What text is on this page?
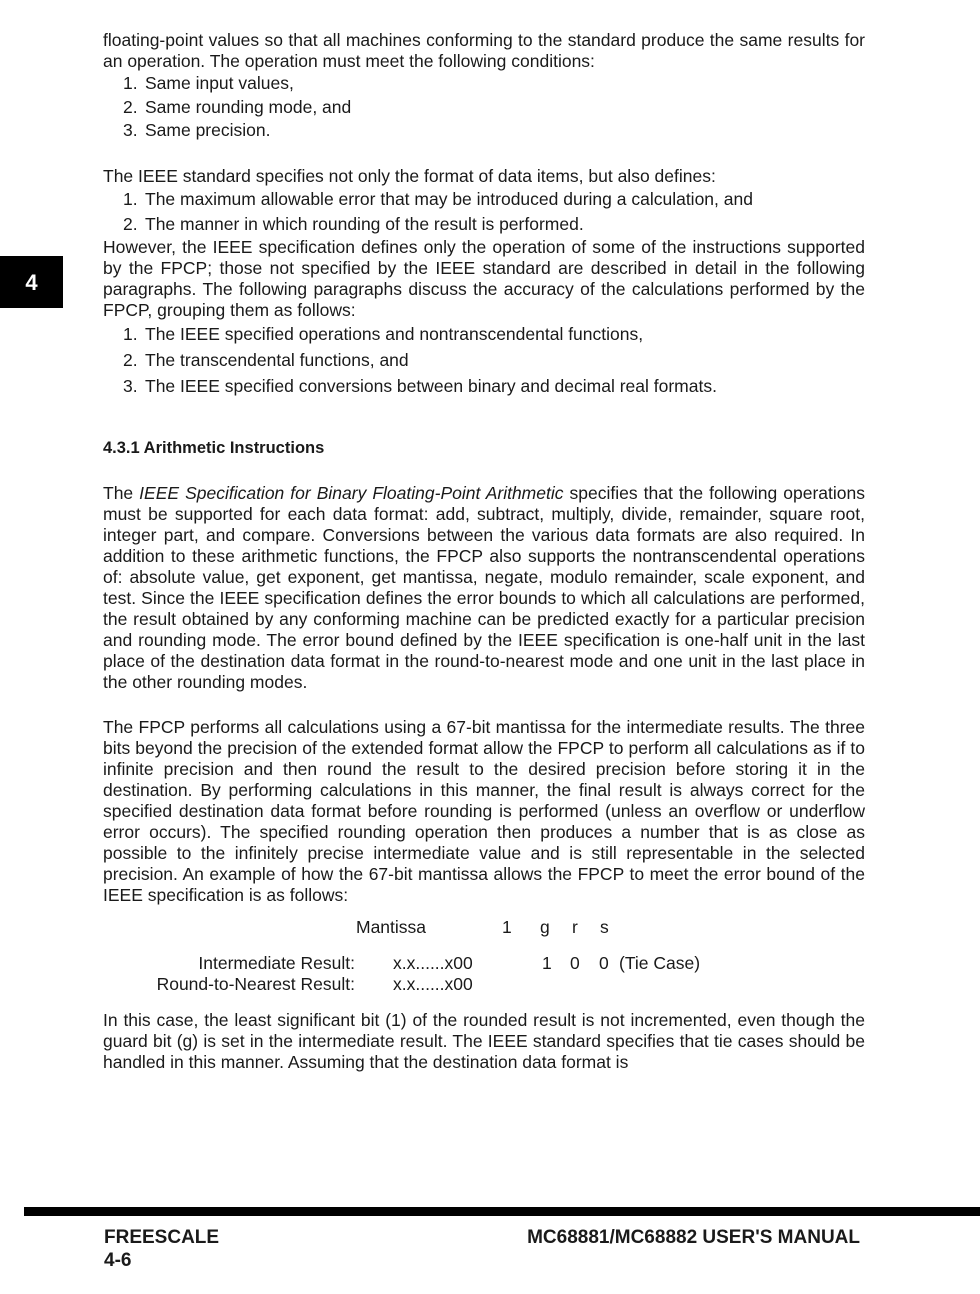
4

floating-point values so that all machines conforming to the standard produce the same results for an operation. The operation must meet the following conditions:

1. Same input values,
2. Same rounding mode, and
3. Same precision.

The IEEE standard specifies not only the format of data items, but also defines:

1. The maximum allowable error that may be introduced during a calculation, and
2. The manner in which rounding of the result is performed.

However, the IEEE specification defines only the operation of some of the instructions supported by the FPCP; those not specified by the IEEE standard are described in detail in the following paragraphs. The following paragraphs discuss the accuracy of the calculations performed by the FPCP, grouping them as follows:

1. The IEEE specified operations and nontranscendental functions,
2. The transcendental functions, and
3. The IEEE specified conversions between binary and decimal real formats.
4.3.1 Arithmetic Instructions

The IEEE Specification for Binary Floating-Point Arithmetic specifies that the following operations must be supported for each data format: add, subtract, multiply, divide, remainder, square root, integer part, and compare. Conversions between the various data formats are also required. In addition to these arithmetic functions, the FPCP also supports the nontranscendental operations of: absolute value, get exponent, get mantissa, negate, modulo remainder, scale exponent, and test. Since the IEEE specification defines the error bounds to which all calculations are performed, the result obtained by any conforming machine can be predicted exactly for a particular precision and rounding mode. The error bound defined by the IEEE specification is one-half unit in the last place of the destination data format in the round-to-nearest mode and one unit in the last place in the other rounding modes.

The FPCP performs all calculations using a 67-bit mantissa for the intermediate results. The three bits beyond the precision of the extended format allow the FPCP to perform all calculations as if to infinite precision and then round the result to the desired precision before storing it in the destination. By performing calculations in this manner, the final result is always correct for the specified destination data format before rounding is performed (unless an overflow or underflow error occurs). The specified rounding operation then produces a number that is as close as possible to the infinitely precise intermediate value and is still representable in the selected precision. An example of how the 67-bit mantissa allows the FPCP to meet the error bound of the IEEE specification is as follows:

Mantissa	1 g r s
Intermediate Result: x.x......x00	1 0 0 (Tie Case)
Round-to-Nearest Result: x.x......x00

In this case, the least significant bit (1) of the rounded result is not incremented, even though the guard bit (g) is set in the intermediate result. The IEEE standard specifies that tie cases should be handled in this manner. Assuming that the destination data format is

FREESCALE
4-6
MC68881/MC68882 USER'S MANUAL
